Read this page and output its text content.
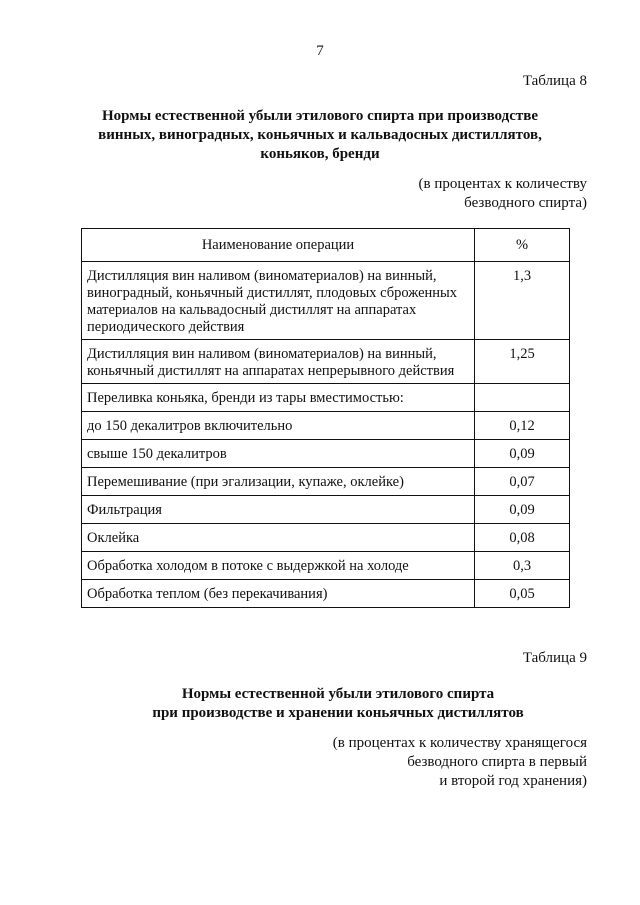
7
Таблица 8
Нормы естественной убыли этилового спирта при производстве
винных, виноградных, коньячных и кальвадосных дистиллятов,
коньяков, бренди
(в процентах к количеству
безводного спирта)
Наименование операции	%
Дистилляция вин наливом (виноматериалов) на винный, виноградный, коньячный дистиллят, плодовых сброженных материалов на кальвадосный дистиллят на аппаратах периодического действия	1,3
Дистилляция вин наливом (виноматериалов) на винный, коньячный дистиллят на аппаратах непрерывного действия	1,25
Переливка коньяка, бренди из тары вместимостью:	
до 150 декалитров включительно	0,12
свыше 150 декалитров	0,09
Перемешивание (при эгализации, купаже, оклейке)	0,07
Фильтрация	0,09
Оклейка	0,08
Обработка холодом в потоке с выдержкой на холоде	0,3
Обработка теплом (без перекачивания)	0,05
Таблица 9
Нормы естественной убыли этилового спирта
при производстве и хранении коньячных дистиллятов
(в процентах к количеству хранящегося
безводного спирта в первый
и второй год хранения)
